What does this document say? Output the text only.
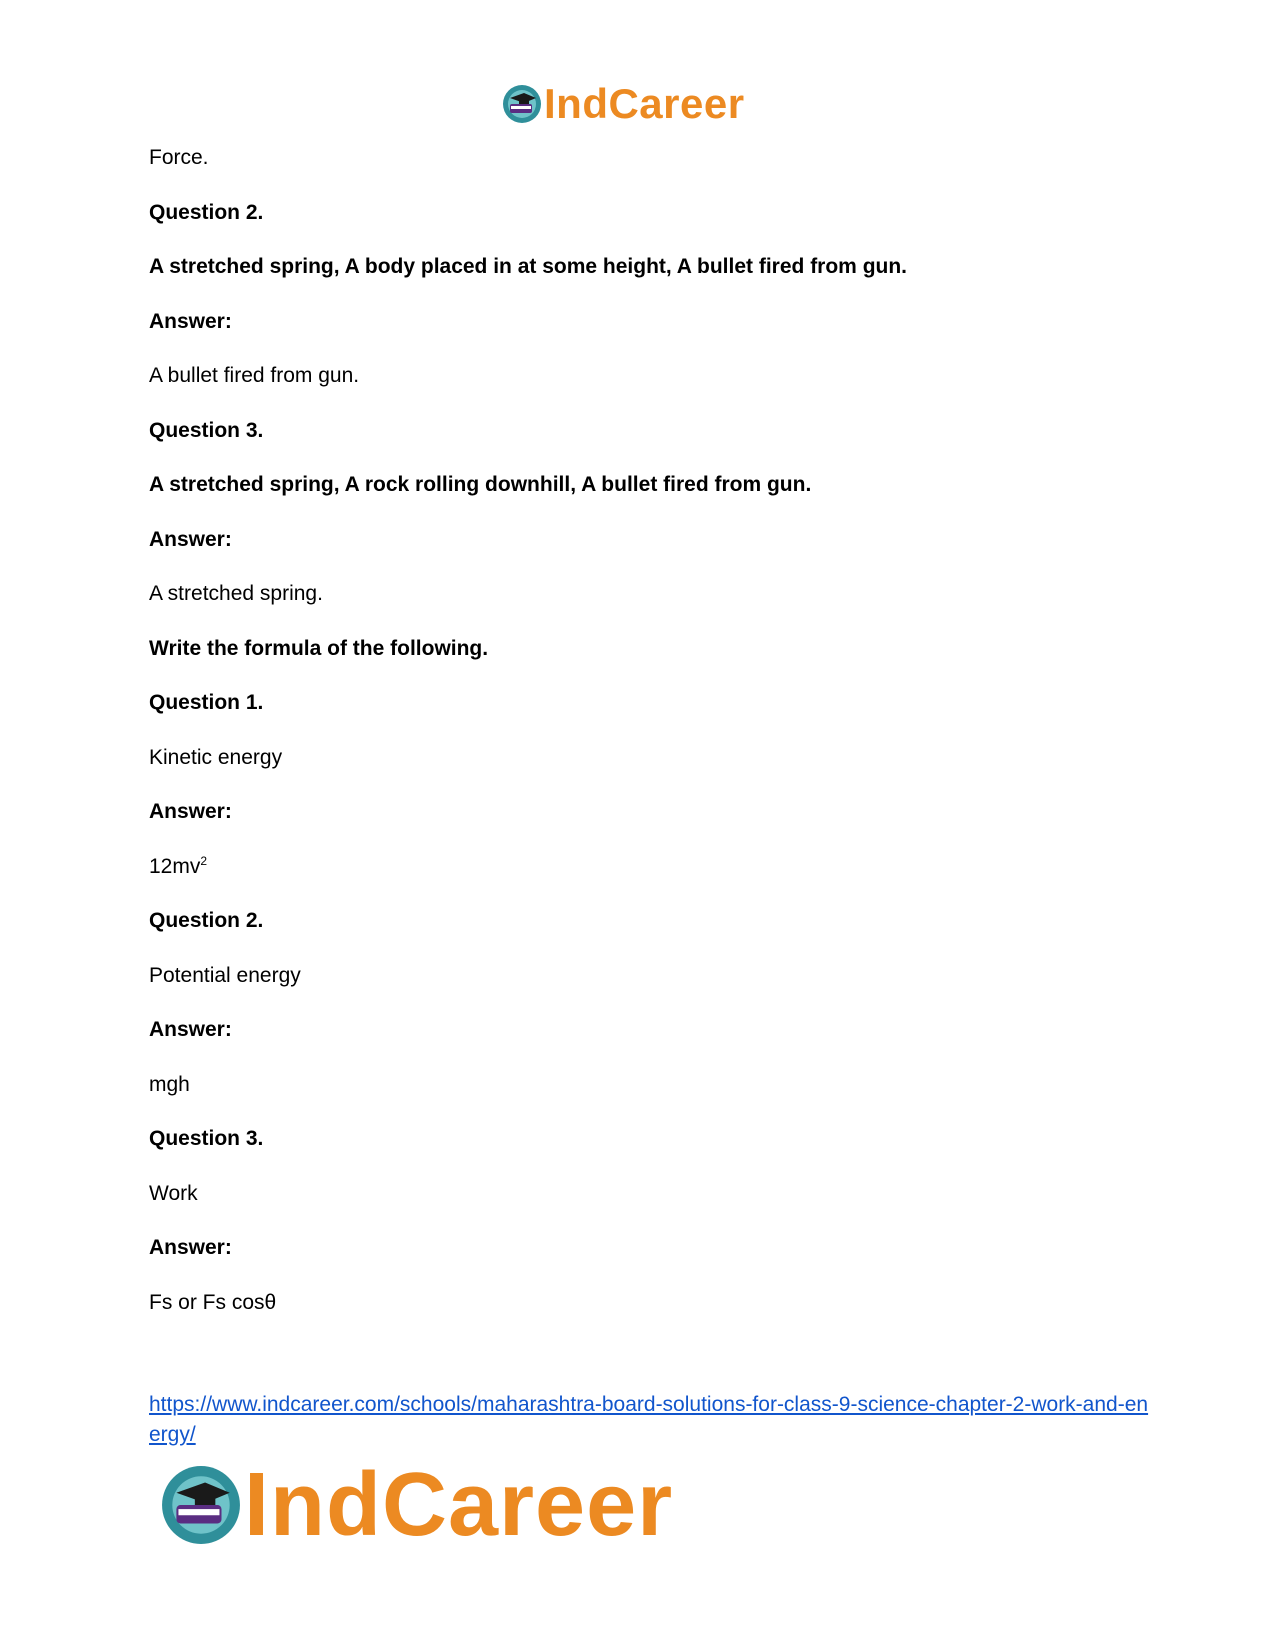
IndCareer
Force.
Question 2.
A stretched spring, A body placed in at some height, A bullet fired from gun.
Answer:
A bullet fired from gun.
Question 3.
A stretched spring, A rock rolling downhill, A bullet fired from gun.
Answer:
A stretched spring.
Write the formula of the following.
Question 1.
Kinetic energy
Answer:
$12mv^2$
Question 2.
Potential energy
Answer:
mgh
Question 3.
Work
Answer:
Fs or Fs cosθ
https://www.indcareer.com/schools/maharashtra-board-solutions-for-class-9-science-chapter-2-work-and-energy/
IndCareer
